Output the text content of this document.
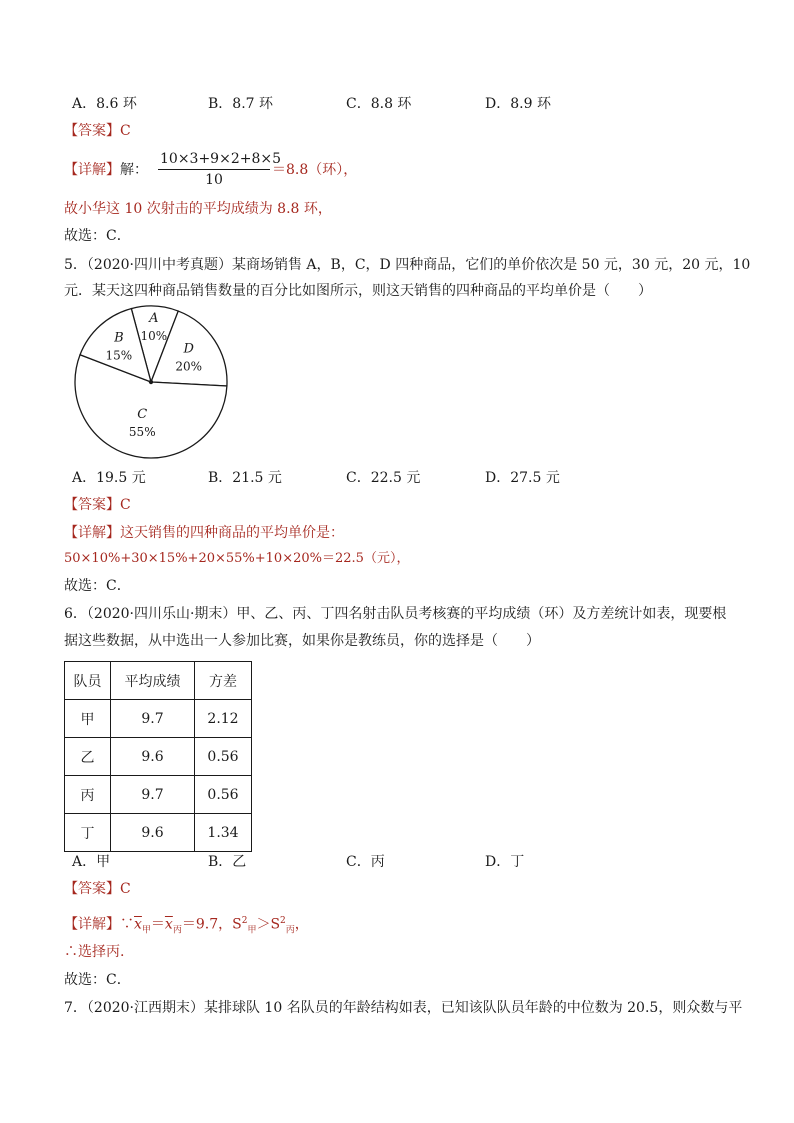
A．8.6 环	B．8.7 环	C．8.8 环	D．8.9 环
【答案】C
【详解】解：
10×3+9×2+8×5
10
＝8.8（环），
故小华这 10 次射击的平均成绩为 8.8 环，
故选：C．
5．（2020·四川中考真题）某商场销售 A，B，C，D 四种商品，它们的单价依次是 50 元，30 元，20 元，10
元．某天这四种商品销售数量的百分比如图所示，则这天销售的四种商品的平均单价是（　　）
A
10%
D
20%
C
55%
B
15%
A．19.5 元	B．21.5 元	C．22.5 元	D．27.5 元
【答案】C
【详解】这天销售的四种商品的平均单价是：
50×10%+30×15%+20×55%+10×20%＝22.5（元），
故选：C．
6．（2020·四川乐山·期末）甲、乙、丙、丁四名射击队员考核赛的平均成绩（环）及方差统计如表，现要根
据这些数据，从中选出一人参加比赛，如果你是教练员，你的选择是（　　）
队员	平均成绩	方差
甲	9.7	2.12
乙	9.6	0.56
丙	9.7	0.56
丁	9.6	1.34
A．甲	B．乙	C．丙	D．丁
【答案】C
【详解】$\because\overline{x}_甲=\overline{x}_丙=9.7$，$S^2_甲>S^2_丙$，
∴选择丙.
故选：C．
7．（2020·江西期末）某排球队 10 名队员的年龄结构如表，已知该队队员年龄的中位数为 20.5，则众数与平
